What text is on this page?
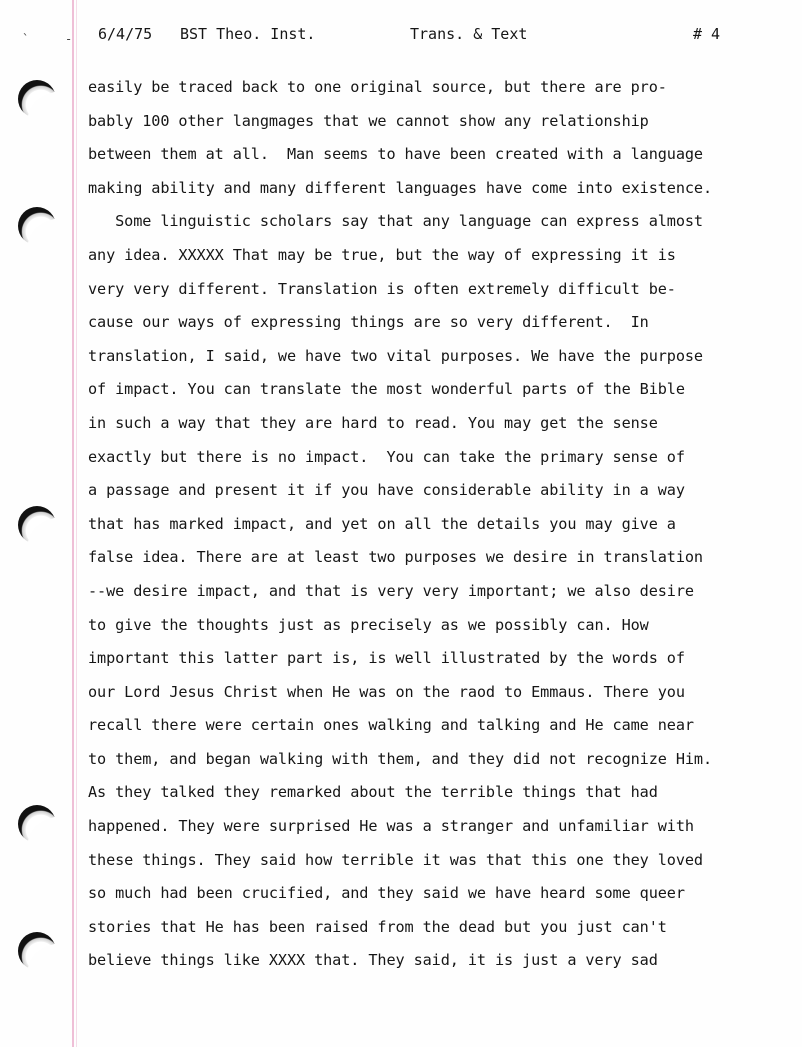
`	- 6/4/75 BST Theo. Inst.	Trans. & Text	# 4
easily be traced back to one original source, but there are pro-
bably 100 other langmages that we cannot show any relationship
between them at all.  Man seems to have been created with a language
making ability and many different languages have come into existence.
Some linguistic scholars say that any language can express almost
any idea. XXXXX That may be true, but the way of expressing it is
very very different. Translation is often extremely difficult be-
cause our ways of expressing things are so very different.  In
translation, I said, we have two vital purposes. We have the purpose
of impact. You can translate the most wonderful parts of the Bible
in such a way that they are hard to read. You may get the sense
exactly but there is no impact.  You can take the primary sense of
a passage and present it if you have considerable ability in a way
that has marked impact, and yet on all the details you may give a
false idea. There are at least two purposes we desire in translation
--we desire impact, and that is very very important; we also desire
to give the thoughts just as precisely as we possibly can. How
important this latter part is, is well illustrated by the words of
our Lord Jesus Christ when He was on the raod to Emmaus. There you
recall there were certain ones walking and talking and He came near
to them, and began walking with them, and they did not recognize Him.
As they talked they remarked about the terrible things that had
happened. They were surprised He was a stranger and unfamiliar with
these things. They said how terrible it was that this one they loved
so much had been crucified, and they said we have heard some queer
stories that He has been raised from the dead but you just can't
believe things like XXXX that. They said, it is just a very sad
